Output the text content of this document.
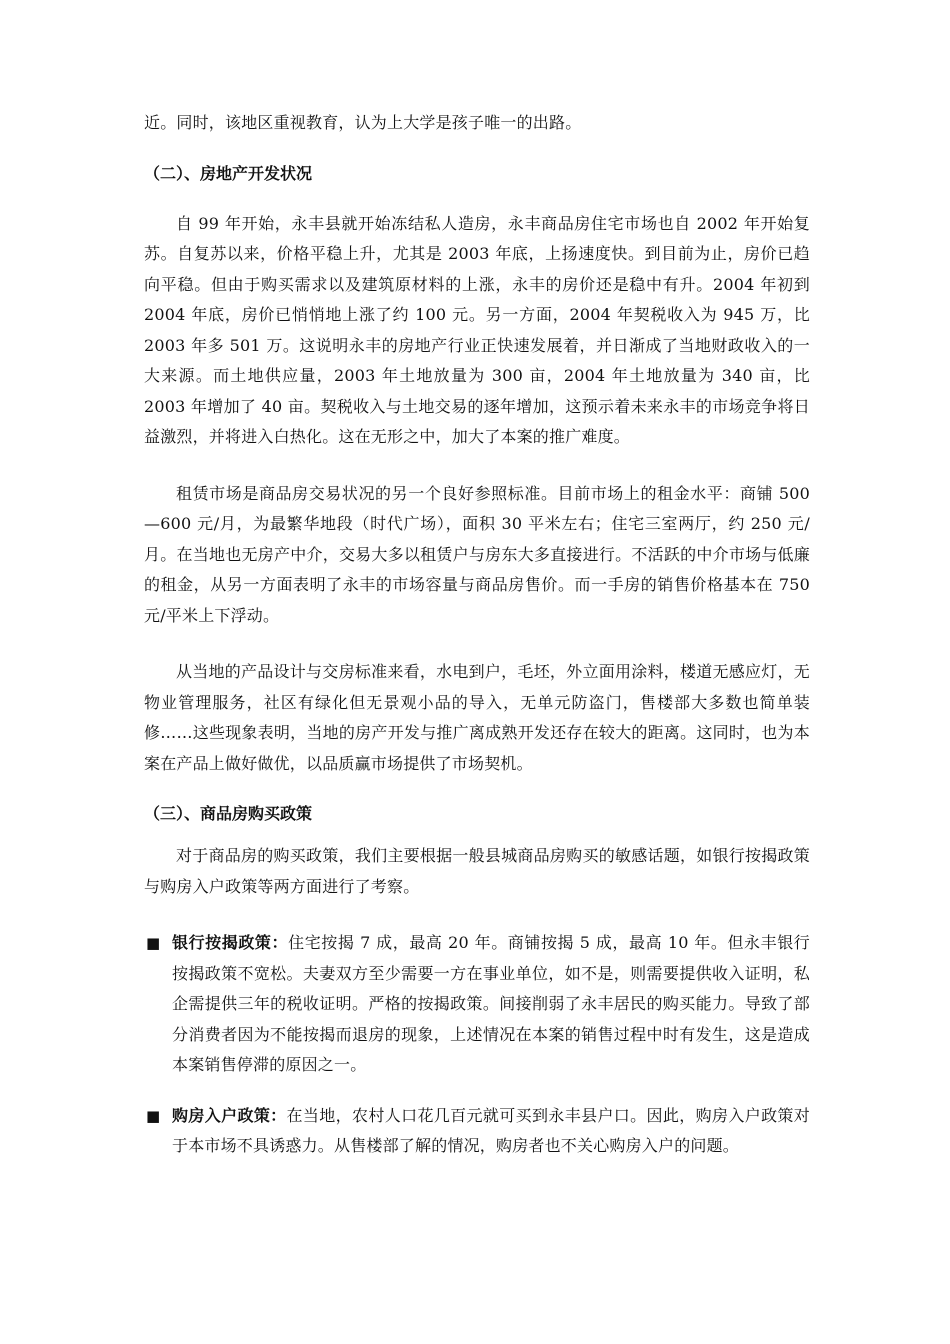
近。同时，该地区重视教育，认为上大学是孩子唯一的出路。

（二）、房地产开发状况

自 99 年开始，永丰县就开始冻结私人造房，永丰商品房住宅市场也自 2002 年开始复苏。自复苏以来，价格平稳上升，尤其是 2003 年底，上扬速度快。到目前为止，房价已趋向平稳。但由于购买需求以及建筑原材料的上涨，永丰的房价还是稳中有升。2004 年初到 2004 年底，房价已悄悄地上涨了约 100 元。另一方面，2004 年契税收入为 945 万，比 2003 年多 501 万。这说明永丰的房地产行业正快速发展着，并日渐成了当地财政收入的一大来源。而土地供应量，2003 年土地放量为 300 亩，2004 年土地放量为 340 亩，比 2003 年增加了 40 亩。契税收入与土地交易的逐年增加，这预示着未来永丰的市场竞争将日益激烈，并将进入白热化。这在无形之中，加大了本案的推广难度。

租赁市场是商品房交易状况的另一个良好参照标准。目前市场上的租金水平：商铺 500—600 元/月，为最繁华地段（时代广场），面积 30 平米左右；住宅三室两厅，约 250 元/月。在当地也无房产中介，交易大多以租赁户与房东大多直接进行。不活跃的中介市场与低廉的租金，从另一方面表明了永丰的市场容量与商品房售价。而一手房的销售价格基本在 750 元/平米上下浮动。

从当地的产品设计与交房标准来看，水电到户，毛坯，外立面用涂料，楼道无感应灯，无物业管理服务，社区有绿化但无景观小品的导入，无单元防盗门，售楼部大多数也简单装修……这些现象表明，当地的房产开发与推广离成熟开发还存在较大的距离。这同时，也为本案在产品上做好做优，以品质赢市场提供了市场契机。

（三）、商品房购买政策

对于商品房的购买政策，我们主要根据一般县城商品房购买的敏感话题，如银行按揭政策与购房入户政策等两方面进行了考察。

■ 银行按揭政策：住宅按揭 7 成，最高 20 年。商铺按揭 5 成，最高 10 年。但永丰银行按揭政策不宽松。夫妻双方至少需要一方在事业单位，如不是，则需要提供收入证明，私企需提供三年的税收证明。严格的按揭政策。间接削弱了永丰居民的购买能力。导致了部分消费者因为不能按揭而退房的现象，上述情况在本案的销售过程中时有发生，这是造成本案销售停滞的原因之一。
■ 购房入户政策：在当地，农村人口花几百元就可买到永丰县户口。因此，购房入户政策对于本市场不具诱惑力。从售楼部了解的情况，购房者也不关心购房入户的问题。
